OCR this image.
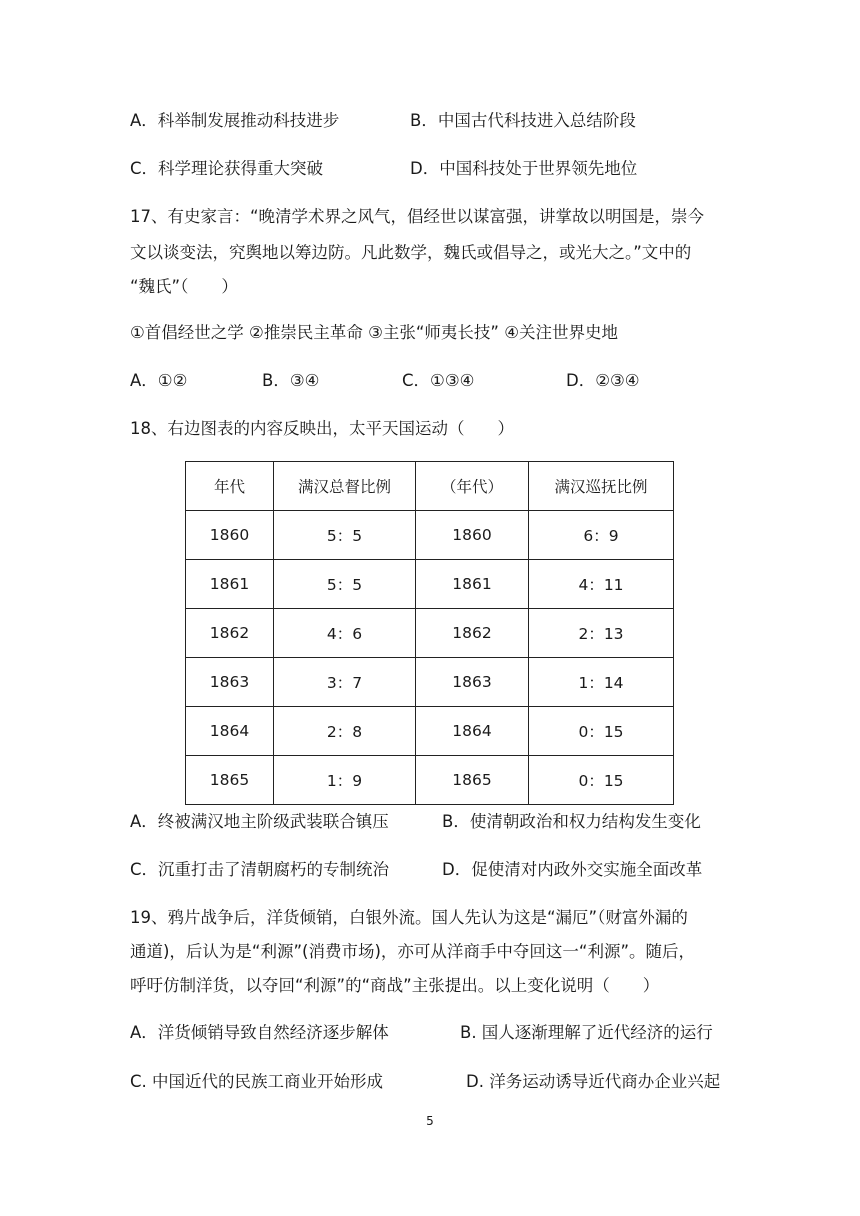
A．科举制发展推动科技进步	B．中国古代科技进入总结阶段
C．科学理论获得重大突破	D．中国科技处于世界领先地位
17、有史家言：“晚清学术界之风气，倡经世以谋富强，讲掌故以明国是，崇今
文以谈变法，究舆地以筹边防。凡此数学，魏氏或倡导之，或光大之。”文中的
“魏氏”（　　）
①首倡经世之学 ②推崇民主革命 ③主张“师夷长技” ④关注世界史地
A．①②	B．③④	C．①③④	D．②③④
18、右边图表的内容反映出，太平天国运动（　　）
年代	满汉总督比例	（年代）	满汉巡抚比例
1860	5：5	1860	6：9
1861	5：5	1861	4：11
1862	4：6	1862	2：13
1863	3：7	1863	1：14
1864	2：8	1864	0：15
1865	1：9	1865	0：15
A．终被满汉地主阶级武装联合镇压	B．使清朝政治和权力结构发生变化
C．沉重打击了清朝腐朽的专制统治	D．促使清对内政外交实施全面改革
19、鸦片战争后，洋货倾销，白银外流。国人先认为这是“漏厄”（财富外漏的
通道)，后认为是“利源”(消费市场)，亦可从洋商手中夺回这一“利源”。随后，
呼吁仿制洋货，以夺回“利源”的“商战”主张提出。以上变化说明（　　）
A．洋货倾销导致自然经济逐步解体	B. 国人逐渐理解了近代经济的运行
C. 中国近代的民族工商业开始形成	D. 洋务运动诱导近代商办企业兴起
5
